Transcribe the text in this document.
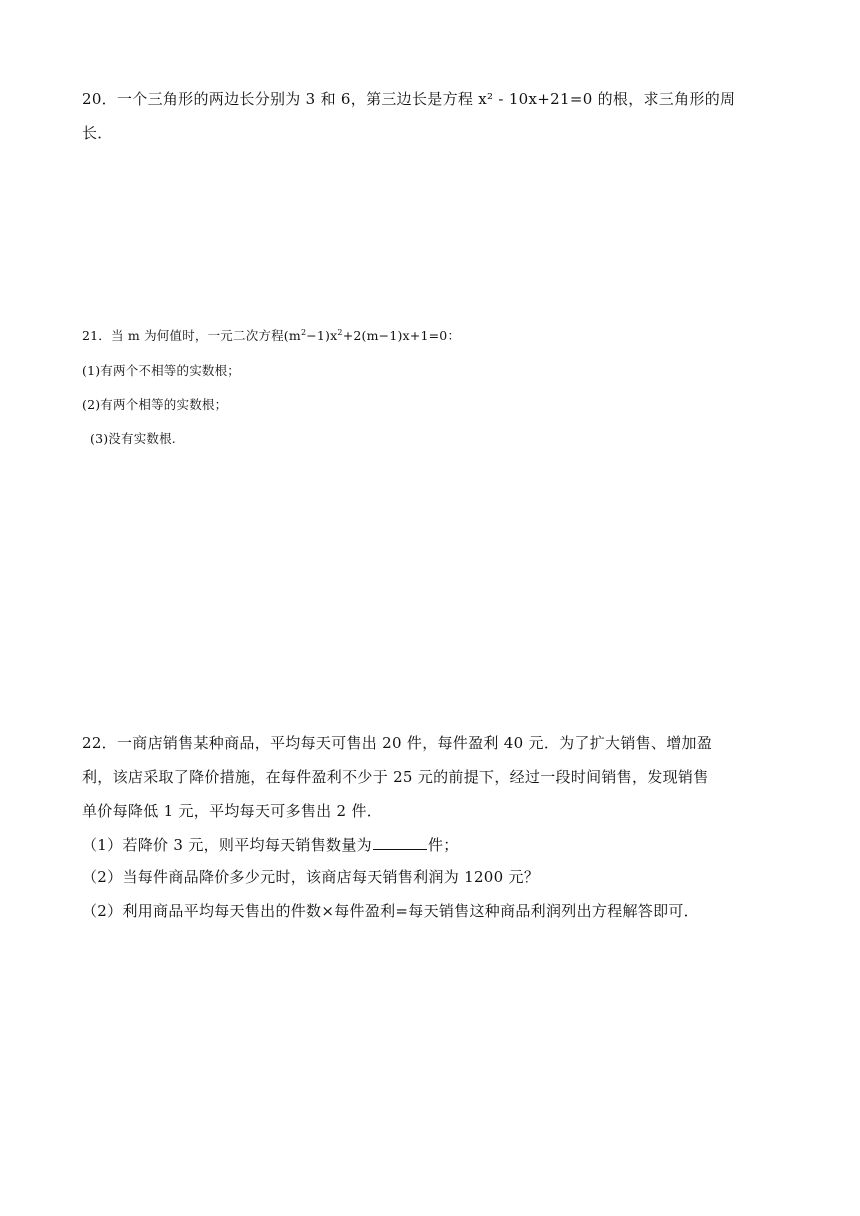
20．一个三角形的两边长分别为 3 和 6，第三边长是方程 x² ‑ 10x+21=0 的根，求三角形的周
长．
21．当 m 为何值时，一元二次方程$(m^2-1)x^2+2(m-1)x+1=0$：
(1)有两个不相等的实数根；
(2)有两个相等的实数根；
(3)没有实数根.
22．一商店销售某种商品，平均每天可售出 20 件，每件盈利 40 元．为了扩大销售、增加盈
利，该店采取了降价措施，在每件盈利不少于 25 元的前提下，经过一段时间销售，发现销售
单价每降低 1 元，平均每天可多售出 2 件．
（1）若降价 3 元，则平均每天销售数量为	件；
（2）当每件商品降价多少元时，该商店每天销售利润为 1200 元？
（2）利用商品平均每天售出的件数×每件盈利=每天销售这种商品利润列出方程解答即可．
